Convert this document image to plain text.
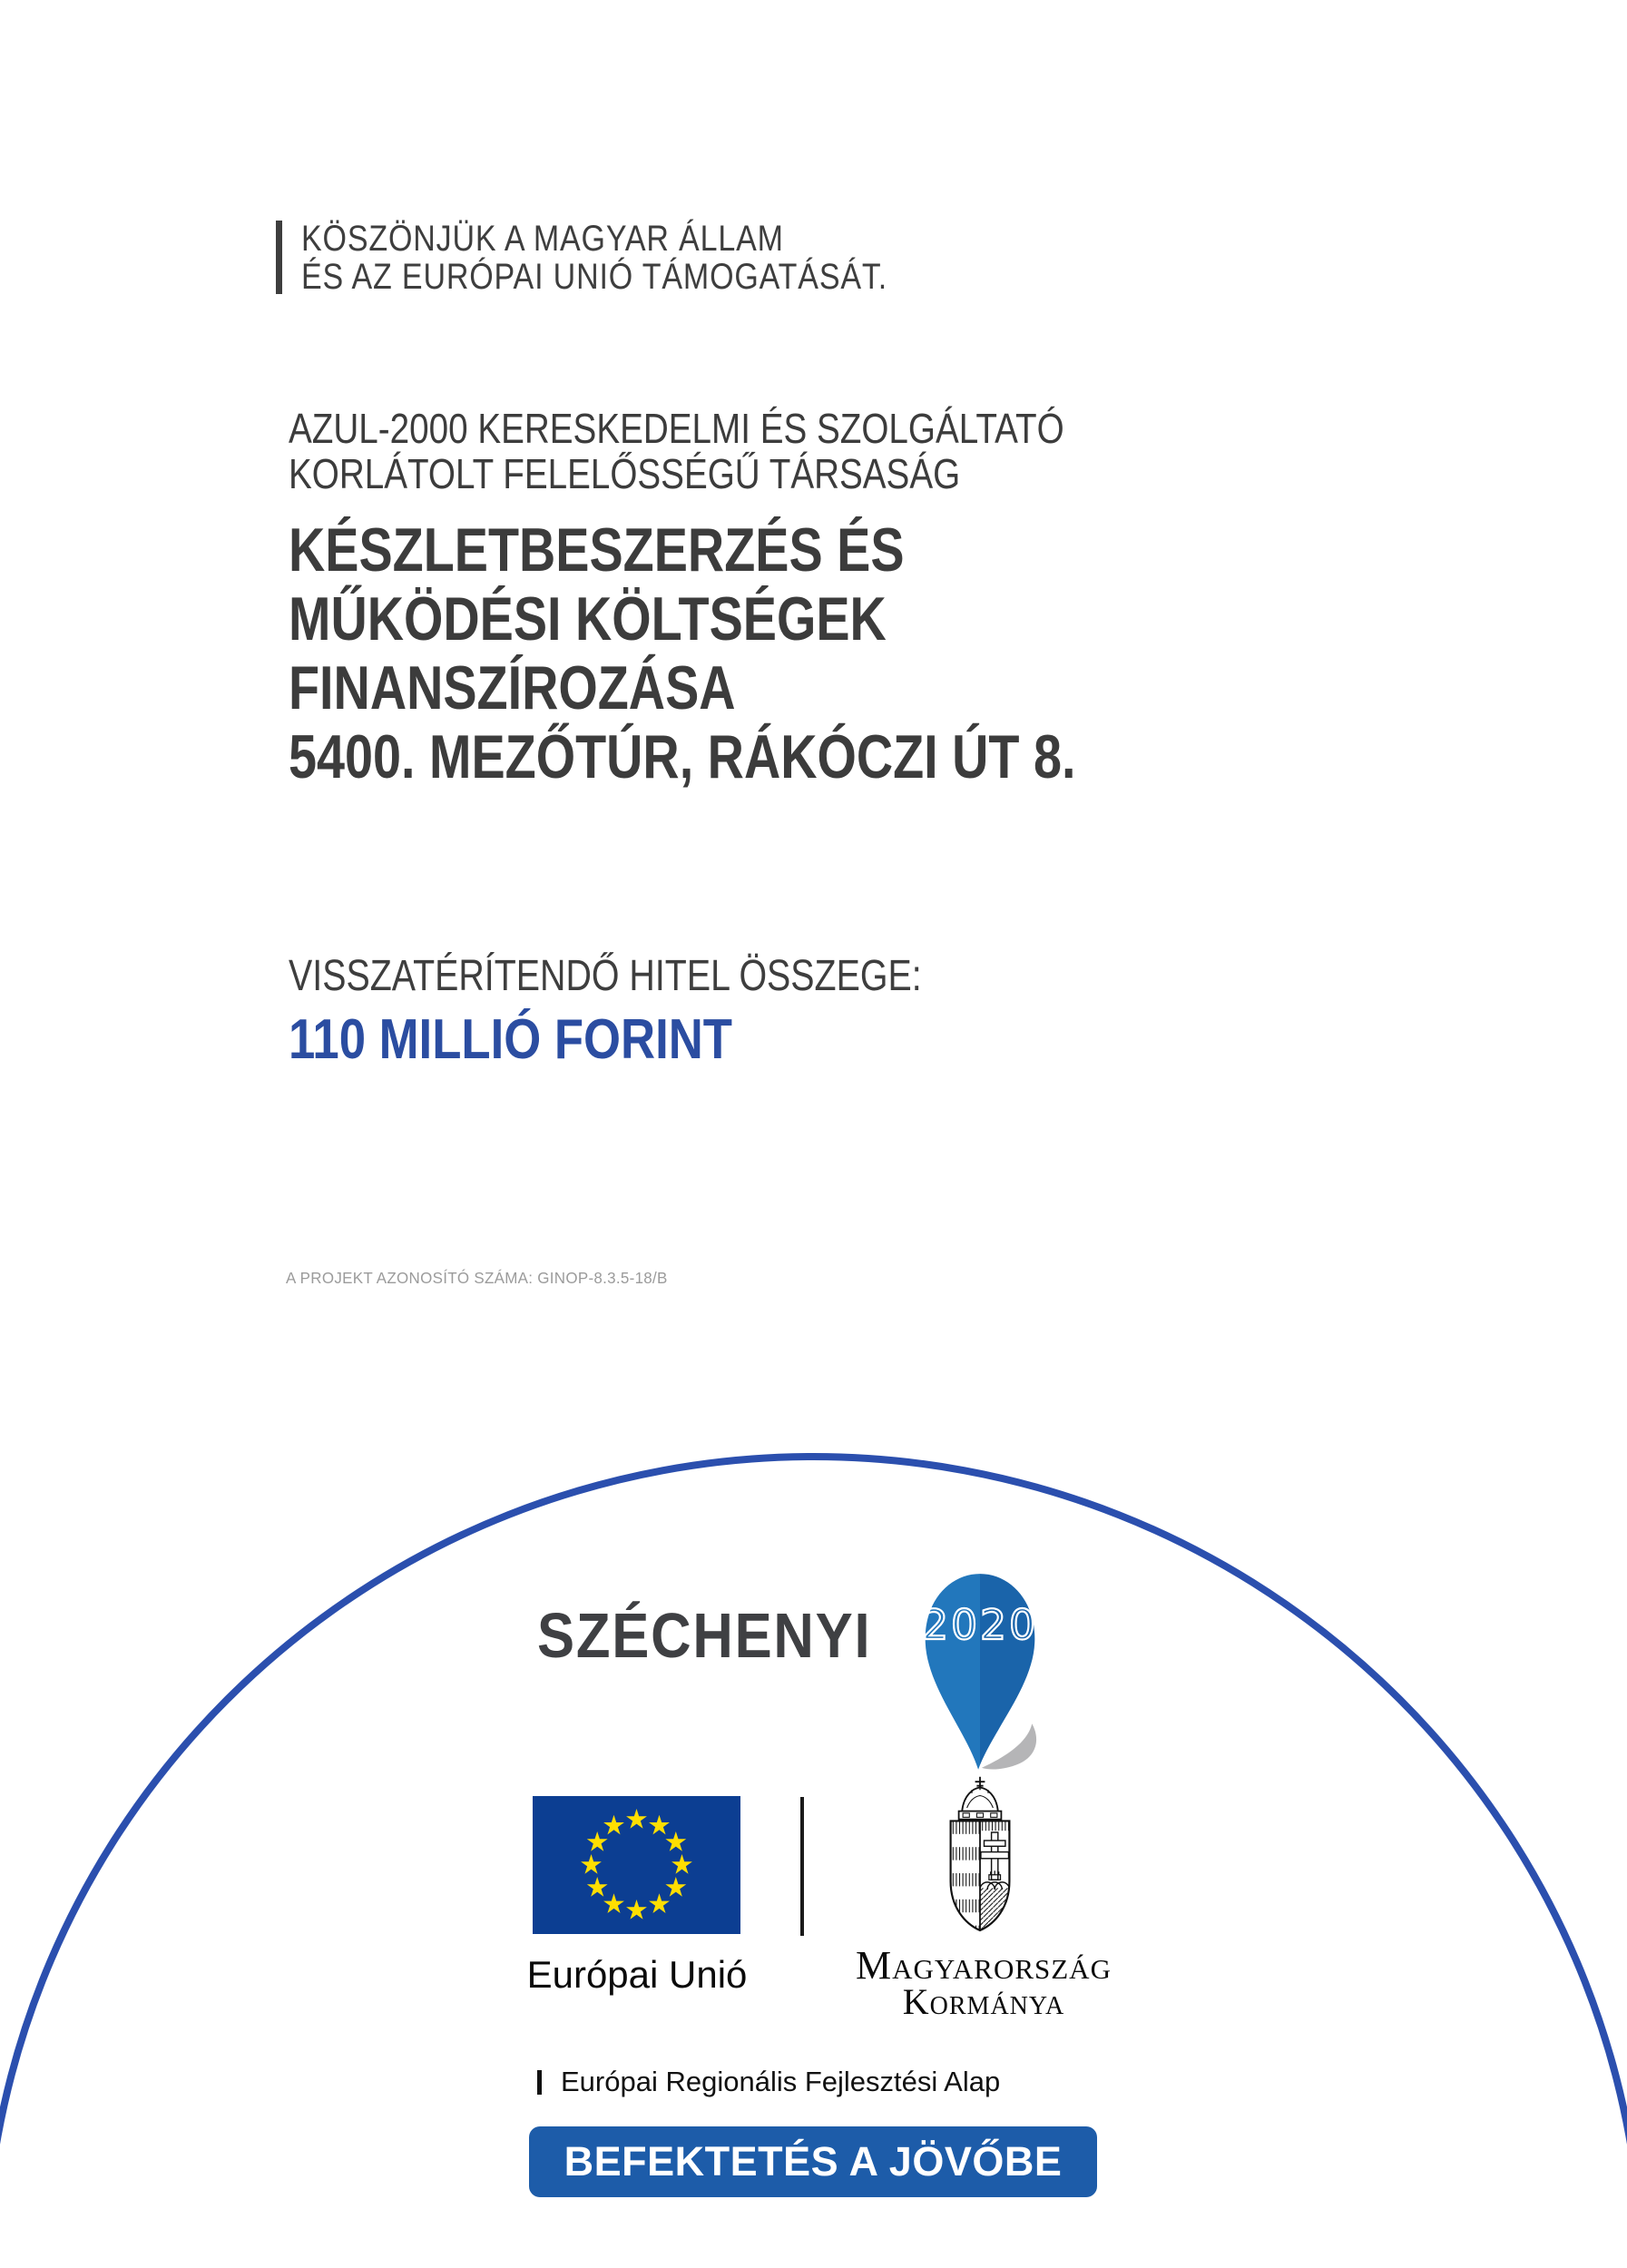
KÖSZÖNJÜK A MAGYAR ÁLLAM
ÉS AZ EURÓPAI UNIÓ TÁMOGATÁSÁT.
AZUL-2000 KERESKEDELMI ÉS SZOLGÁLTATÓ
KORLÁTOLT FELELŐSSÉGŰ TÁRSASÁG
KÉSZLETBESZERZÉS ÉS
MŰKÖDÉSI KÖLTSÉGEK
FINANSZÍROZÁSA
5400. MEZŐTÚR, RÁKÓCZI ÚT 8.
VISSZATÉRÍTENDŐ HITEL ÖSSZEGE:
110 MILLIÓ FORINT
A PROJEKT AZONOSÍTÓ SZÁMA: GINOP-8.3.5-18/B
SZÉCHENYI 2020
Európai Unió	Magyarország
Kormánya
Európai Regionális Fejlesztési Alap
BEFEKTETÉS A JÖVŐBE
